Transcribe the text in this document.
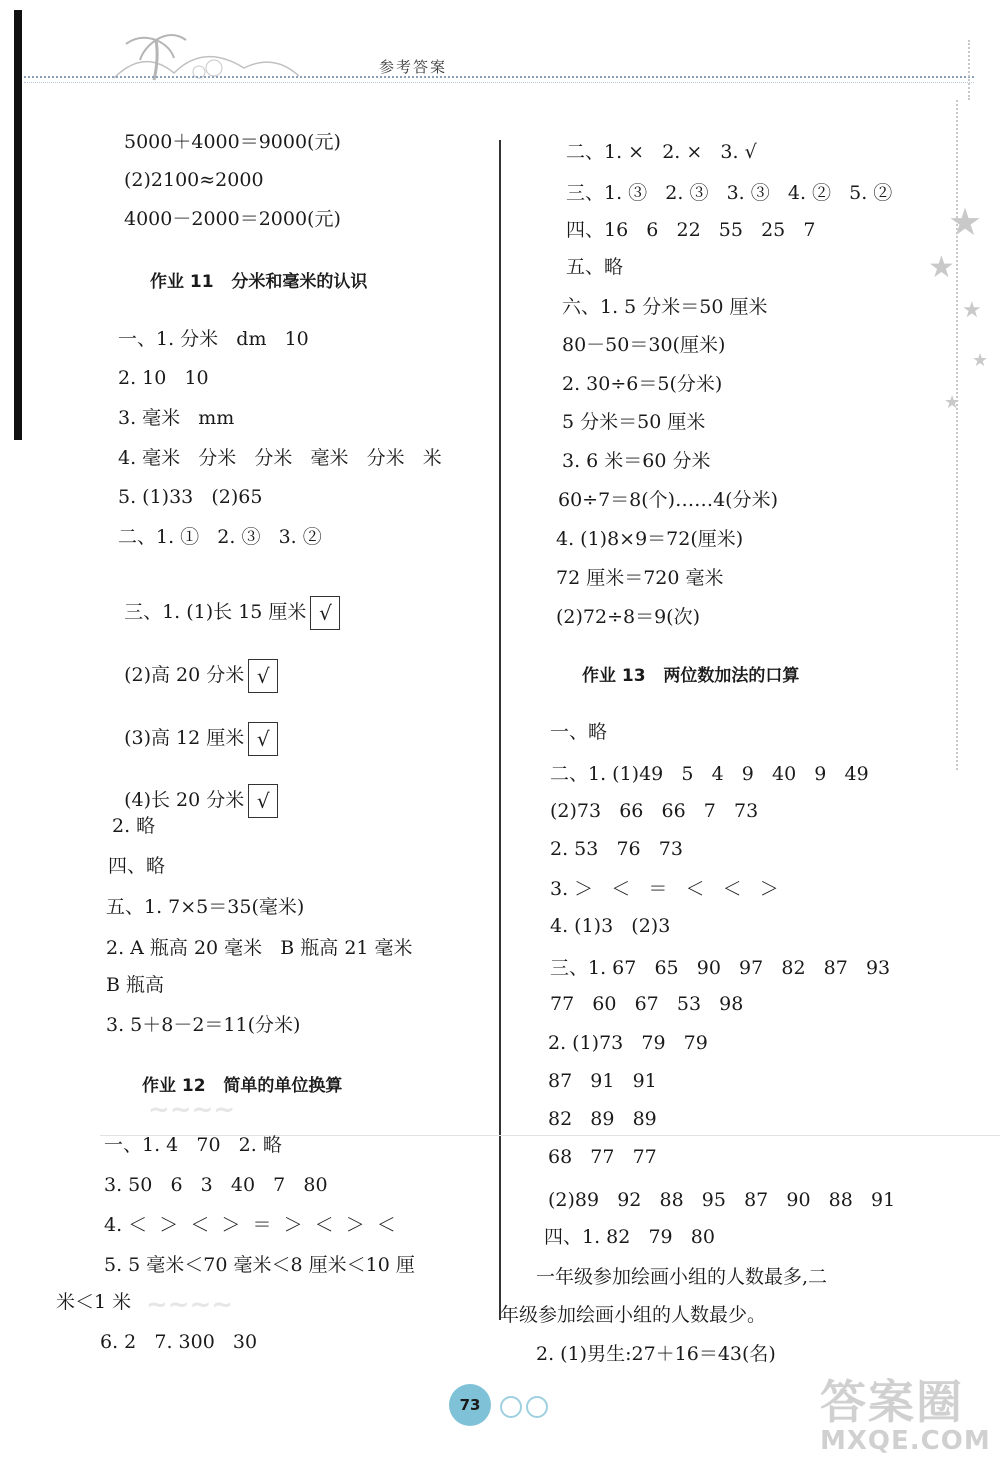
参考答案
★
★
★
★
★
5000＋4000＝9000(元)
(2)2100≈2000
4000－2000＝2000(元)
作业 11   分米和毫米的认识
一、1. 分米   dm   10
2. 10   10
3. 毫米   mm
4. 毫米   分米   分米   毫米   分米   米
5. (1)33   (2)65
二、1. ①   2. ③   3. ②

三、1. (1)长 15 厘米 √

(2)高 20 分米 √

(3)高 12 厘米 √

(4)长 20 分米 √

2. 略
四、略
五、1. 7×5＝35(毫米)
2. A 瓶高 20 毫米   B 瓶高 21 毫米
B 瓶高
3. 5＋8－2＝11(分米)
作业 12   简单的单位换算
~~~~
一、1. 4   70   2. 略
3. 50   6   3   40   7   80
4. ＜  ＞  ＜  ＞  ＝  ＞  ＜  ＞  ＜
5. 5 毫米＜70 毫米＜8 厘米＜10 厘
米＜1 米 ~~~~
6. 2   7. 300   30
二、1. ×   2. ×   3. √
三、1. ③   2. ③   3. ③   4. ②   5. ②
四、16   6   22   55   25   7
五、略
六、1. 5 分米＝50 厘米
80－50＝30(厘米)
2. 30÷6＝5(分米)
5 分米＝50 厘米
3. 6 米＝60 分米
60÷7＝8(个)……4(分米)
4. (1)8×9＝72(厘米)
72 厘米＝720 毫米
(2)72÷8＝9(次)
作业 13   两位数加法的口算
一、略
二、1. (1)49   5   4   9   40   9   49
(2)73   66   66   7   73
2. 53   76   73
3. ＞   ＜   ＝   ＜   ＜   ＞
4. (1)3   (2)3
三、1. 67   65   90   97   82   87   93
77   60   67   53   98
2. (1)73   79   79
87   91   91
82   89   89
68   77   77
(2)89   92   88   95   87   90   88   91
四、1. 82   79   80
一年级参加绘画小组的人数最多,二
年级参加绘画小组的人数最少。
2. (1)男生:27＋16＝43(名)
73	答案圈
MXQE.COM
